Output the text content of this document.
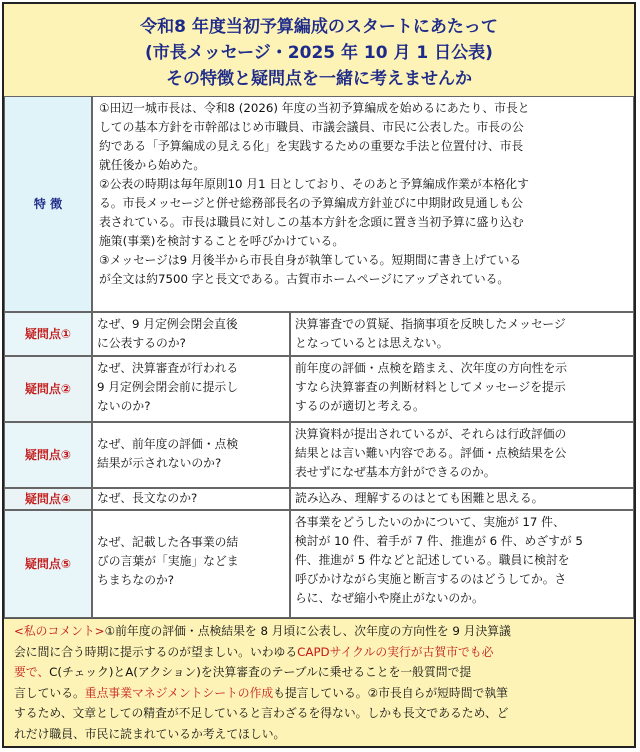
令和8 年度当初予算編成のスタートにあたって
(市長メッセージ・2025 年 10 月 1 日公表)
その特徴と疑問点を一緒に考えませんか
特 徴
①田辺一城市長は、令和8 (2026) 年度の当初予算編成を始めるにあたり、市長と
しての基本方針を市幹部はじめ市職員、市議会議員、市民に公表した。市長の公
約である「予算編成の見える化」を実践するための重要な手法と位置付け、市長
就任後から始めた。
②公表の時期は毎年原則10 月1 日としており、そのあと予算編成作業が本格化す
る。市長メッセージと併せ総務部長名の予算編成方針並びに中期財政見通しも公
表されている。市長は職員に対しこの基本方針を念頭に置き当初予算に盛り込む
施策(事業)を検討することを呼びかけている。
③メッセージは9 月後半から市長自身が執筆している。短期間に書き上げている
が全文は約7500 字と長文である。古賀市ホームページにアップされている。
疑問点①
なぜ、9 月定例会閉会直後
に公表するのか?
決算審査での質疑、指摘事項を反映したメッセージ
となっているとは思えない。
疑問点②
なぜ、決算審査が行われる
9 月定例会閉会前に提示し
ないのか?
前年度の評価・点検を踏まえ、次年度の方向性を示
すなら決算審査の判断材料としてメッセージを提示
するのが適切と考える。
疑問点③
なぜ、前年度の評価・点検
結果が示されないのか?
決算資料が提出されているが、それらは行政評価の
結果とは言い難い内容である。評価・点検結果を公
表せずになぜ基本方針ができるのか。
疑問点④ なぜ、長文なのか?	読み込み、理解するのはとても困難と思える。
疑問点⑤
なぜ、記載した各事業の結
びの言葉が「実施」などま
ちまちなのか?
各事業をどうしたいのかについて、実施が 17 件、
検討が 10 件、着手が 7 件、推進が 6 件、めざすが 5
件、推進が 5 件などと記述している。職員に検討を
呼びかけながら実施と断言するのはどうしてか。さ
らに、なぜ縮小や廃止がないのか。
<私のコメント>①前年度の評価・点検結果を 8 月頃に公表し、次年度の方向性を 9 月決算議
会に間に合う時期に提示するのが望ましい。いわゆるCAPDサイクルの実行が古賀市でも必
要で、C(チェック)とA(アクション)を決算審査のテーブルに乗せることを一般質問で提
言している。重点事業マネジメントシートの作成も提言している。②市長自らが短時間で執筆
するため、文章としての精査が不足していると言わざるを得ない。しかも長文であるため、ど
れだけ職員、市民に読まれているか考えてほしい。
